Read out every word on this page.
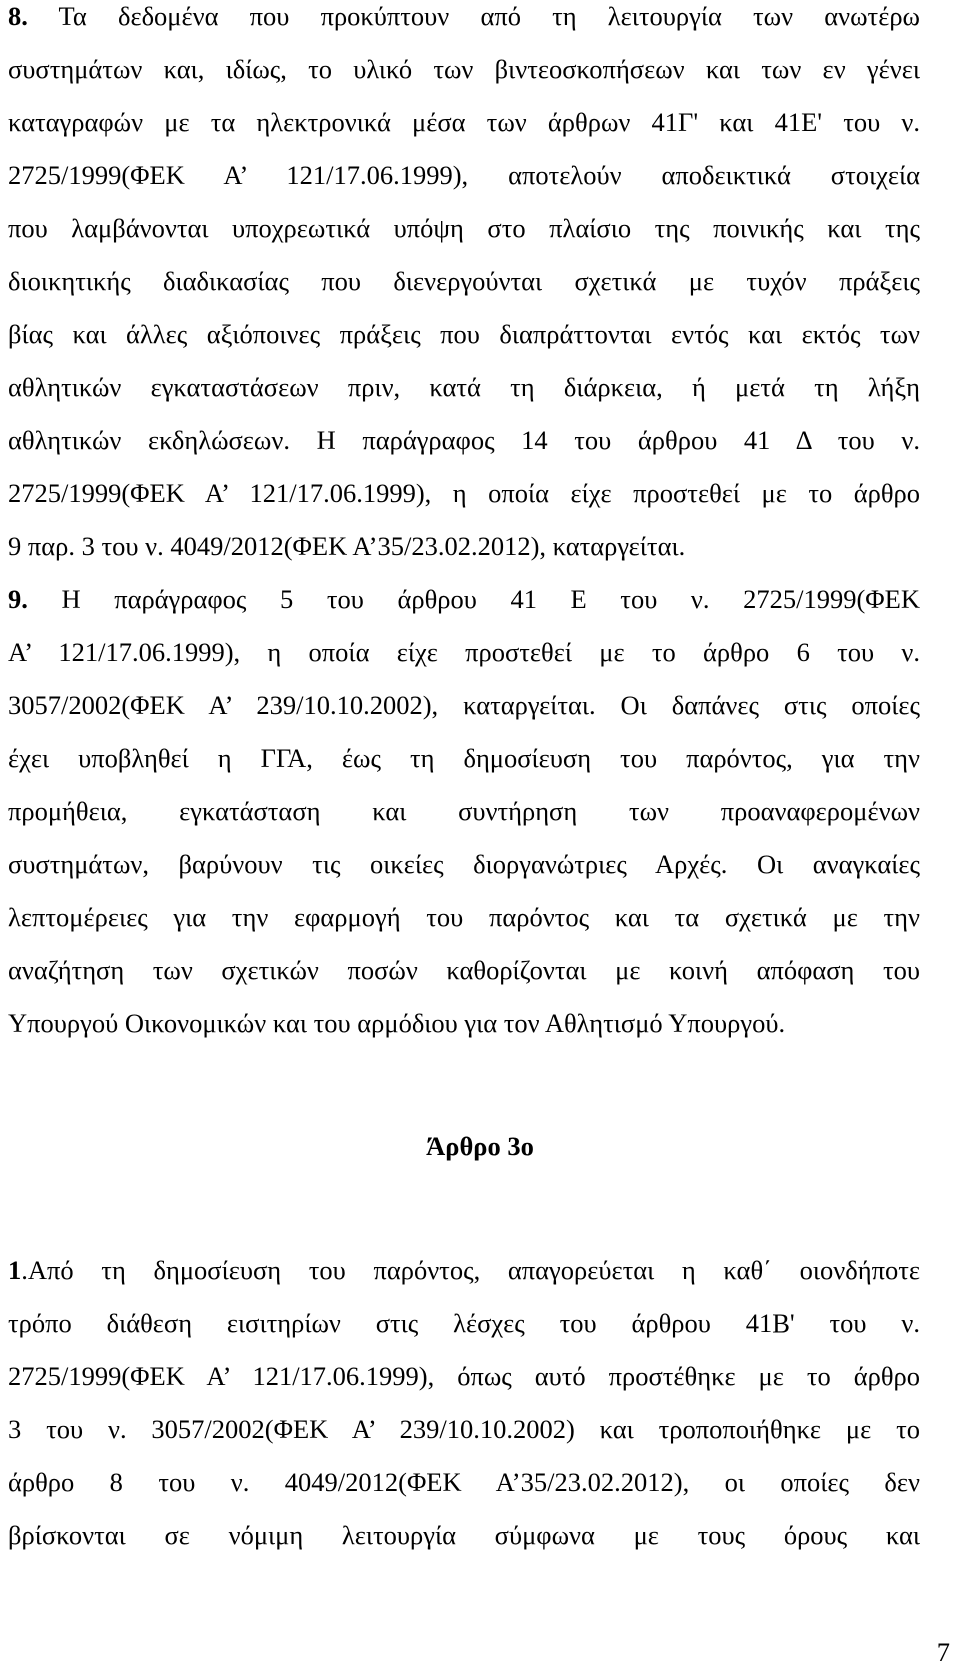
8. Τα δεδομένα που προκύπτουν από τη λειτουργία των ανωτέρω
συστημάτων και, ιδίως, το υλικό των βιντεοσκοπήσεων και των εν γένει
καταγραφών με τα ηλεκτρονικά μέσα των άρθρων 41Γ' και 41Ε' του ν.
2725/1999(ΦΕΚ Α’ 121/17.06.1999), αποτελούν αποδεικτικά στοιχεία
που λαμβάνονται υποχρεωτικά υπόψη στο πλαίσιο της ποινικής και της
διοικητικής διαδικασίας που διενεργούνται σχετικά με τυχόν πράξεις
βίας και άλλες αξιόποινες πράξεις που διαπράττονται εντός και εκτός των
αθλητικών εγκαταστάσεων πριν, κατά τη διάρκεια, ή μετά τη λήξη
αθλητικών εκδηλώσεων. Η παράγραφος 14 του άρθρου 41 Δ του ν.
2725/1999(ΦΕΚ Α’ 121/17.06.1999), η οποία είχε προστεθεί με το άρθρο
9 παρ. 3 του ν. 4049/2012(ΦΕΚ Α’35/23.02.2012), καταργείται.
9. Η παράγραφος 5 του άρθρου 41 Ε του ν. 2725/1999(ΦΕΚ
Α’ 121/17.06.1999), η οποία είχε προστεθεί με το άρθρο 6 του ν.
3057/2002(ΦΕΚ Α’ 239/10.10.2002), καταργείται. Οι δαπάνες στις οποίες
έχει υποβληθεί η ΓΓΑ, έως τη δημοσίευση του παρόντος, για την
προμήθεια, εγκατάσταση και συντήρηση των προαναφερομένων
συστημάτων, βαρύνουν τις οικείες διοργανώτριες Αρχές. Οι αναγκαίες
λεπτομέρειες για την εφαρμογή του παρόντος και τα σχετικά με την
αναζήτηση των σχετικών ποσών καθορίζονται με κοινή απόφαση του
Υπουργού Οικονομικών και του αρμόδιου για τον Αθλητισμό Υπουργού.
Άρθρο 3ο
1.Από τη δημοσίευση του παρόντος, απαγορεύεται η καθ΄ οιονδήποτε
τρόπο διάθεση εισιτηρίων στις λέσχες του άρθρου 41Β' του ν.
2725/1999(ΦΕΚ Α’ 121/17.06.1999), όπως αυτό προστέθηκε με το άρθρο
3 του ν. 3057/2002(ΦΕΚ Α’ 239/10.10.2002) και τροποποιήθηκε με το
άρθρο 8 του ν. 4049/2012(ΦΕΚ Α’35/23.02.2012), οι οποίες δεν
βρίσκονται σε νόμιμη λειτουργία σύμφωνα με τους όρους και
7
